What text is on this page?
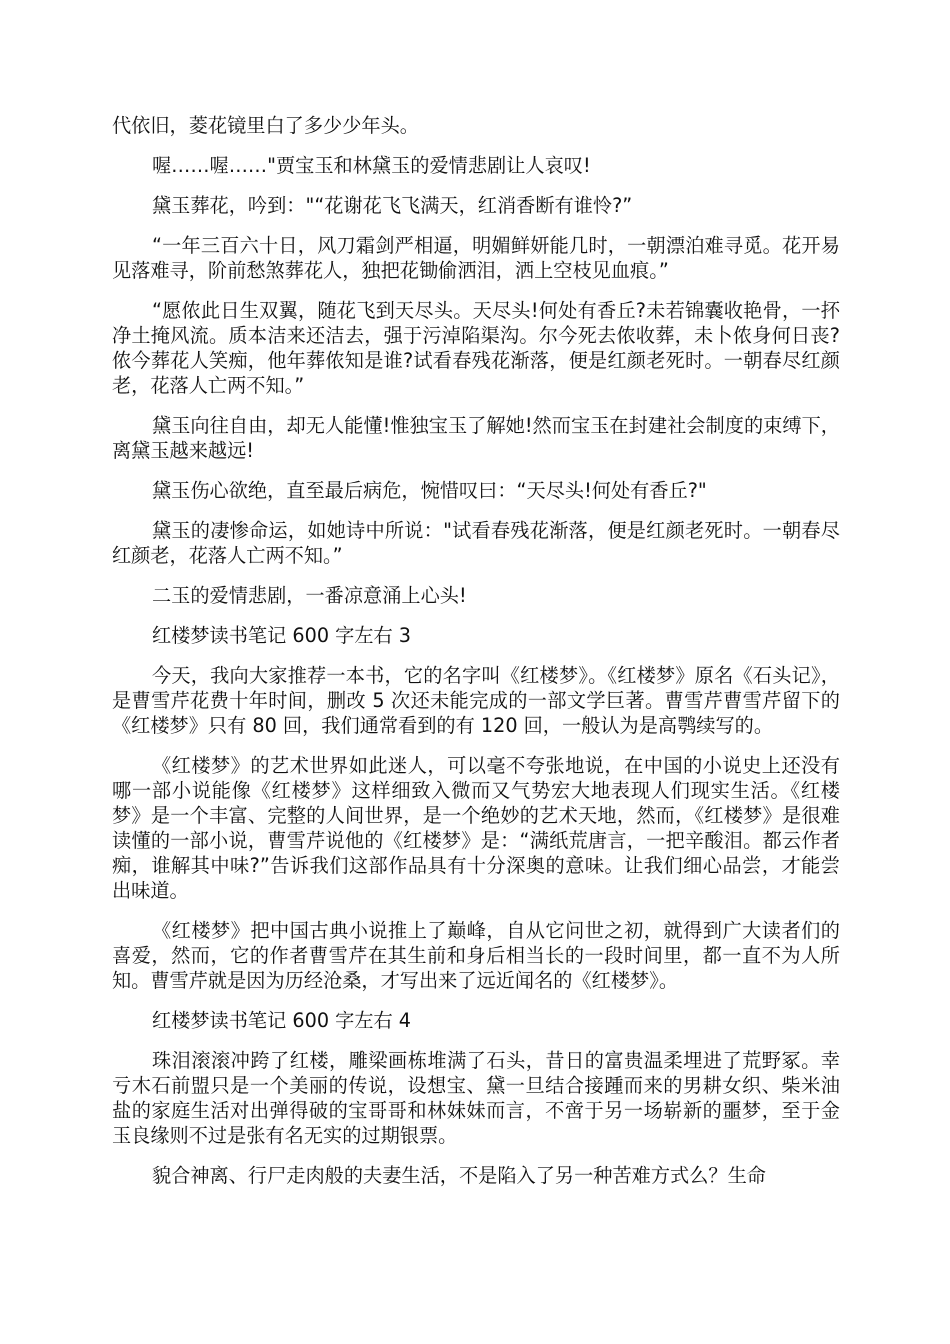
代依旧，菱花镜里白了多少少年头。

喔……喔……"贾宝玉和林黛玉的爱情悲剧让人哀叹!

黛玉葬花，吟到："“花谢花飞飞满天，红消香断有谁怜?”

“一年三百六十日，风刀霜剑严相逼，明媚鲜妍能几时，一朝漂泊难寻觅。花开易见落难寻，阶前愁煞葬花人，独把花锄偷洒泪，洒上空枝见血痕。”

“愿侬此日生双翼，随花飞到天尽头。天尽头!何处有香丘?未若锦囊收艳骨，一抔净土掩风流。质本洁来还洁去，强于污淖陷渠沟。尔今死去侬收葬，未卜侬身何日丧?侬今葬花人笑痴，他年葬侬知是谁?试看春残花渐落，便是红颜老死时。一朝春尽红颜老，花落人亡两不知。”

黛玉向往自由，却无人能懂!惟独宝玉了解她!然而宝玉在封建社会制度的束缚下，离黛玉越来越远!

黛玉伤心欲绝，直至最后病危，惋惜叹曰：“天尽头!何处有香丘?"

黛玉的凄惨命运，如她诗中所说："试看春残花渐落，便是红颜老死时。一朝春尽红颜老，花落人亡两不知。”

二玉的爱情悲剧，一番凉意涌上心头!

红楼梦读书笔记 600 字左右 3

今天，我向大家推荐一本书，它的名字叫《红楼梦》。《红楼梦》原名《石头记》，是曹雪芹花费十年时间，删改 5 次还未能完成的一部文学巨著。曹雪芹曹雪芹留下的《红楼梦》只有 80 回，我们通常看到的有 120 回，一般认为是高鹗续写的。

《红楼梦》的艺术世界如此迷人，可以毫不夸张地说，在中国的小说史上还没有哪一部小说能像《红楼梦》这样细致入微而又气势宏大地表现人们现实生活。《红楼梦》是一个丰富、完整的人间世界，是一个绝妙的艺术天地，然而，《红楼梦》是很难读懂的一部小说，曹雪芹说他的《红楼梦》是：“满纸荒唐言，一把辛酸泪。都云作者痴，谁解其中味?”告诉我们这部作品具有十分深奥的意味。让我们细心品尝，才能尝出味道。

《红楼梦》把中国古典小说推上了巅峰，自从它问世之初，就得到广大读者们的喜爱，然而，它的作者曹雪芹在其生前和身后相当长的一段时间里，都一直不为人所知。曹雪芹就是因为历经沧桑，才写出来了远近闻名的《红楼梦》。

红楼梦读书笔记 600 字左右 4

珠泪滚滚冲跨了红楼，雕梁画栋堆满了石头，昔日的富贵温柔埋进了荒野冢。幸亏木石前盟只是一个美丽的传说，设想宝、黛一旦结合接踵而来的男耕女织、柴米油盐的家庭生活对出弹得破的宝哥哥和林妹妹而言，不啻于另一场崭新的噩梦，至于金玉良缘则不过是张有名无实的过期银票。

貌合神离、行尸走肉般的夫妻生活，不是陷入了另一种苦难方式么？生命
